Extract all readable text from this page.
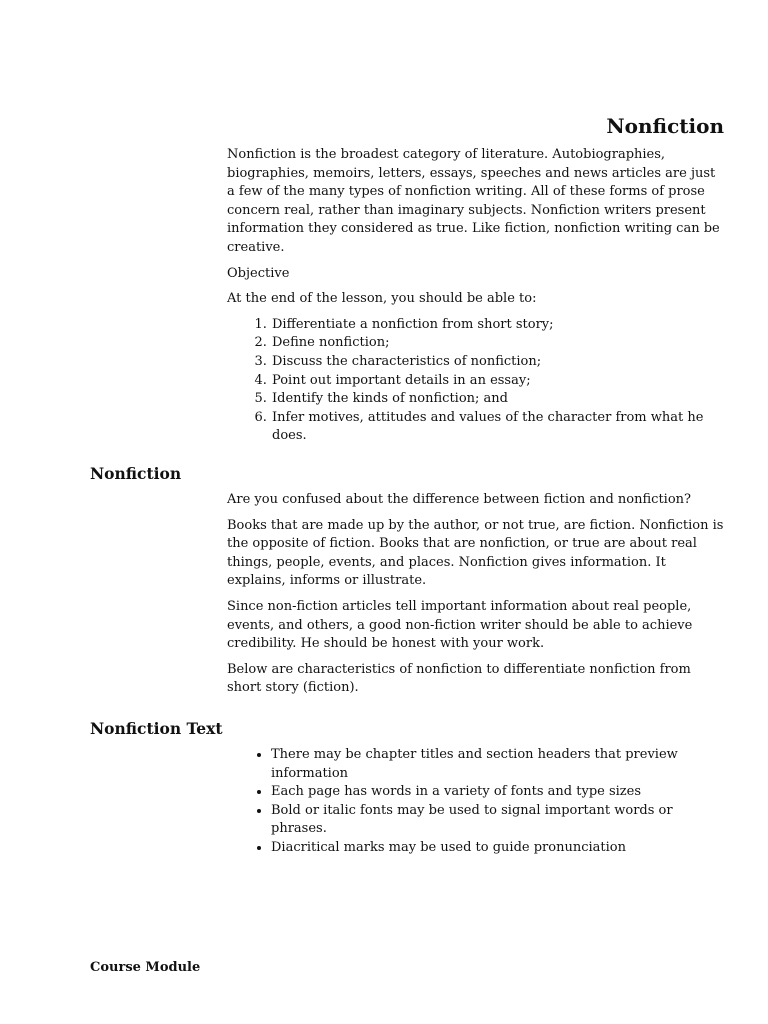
Nonfiction

Nonfiction is the broadest category of literature. Autobiographies, biographies, memoirs, letters, essays, speeches and news articles are just a few of the many types of nonfiction writing. All of these forms of prose concern real, rather than imaginary subjects. Nonfiction writers present information they considered as true. Like fiction, nonfiction writing can be creative.

Objective

At the end of the lesson, you should be able to:

1. Differentiate a nonfiction from short story;
2. Define nonfiction;
3. Discuss the characteristics of nonfiction;
4. Point out important details in an essay;
5. Identify the kinds of nonfiction; and
6. Infer motives, attitudes and values of the character from what he does.
Nonfiction

Are you confused about the difference between fiction and nonfiction?

Books that are made up by the author, or not true, are fiction. Nonfiction is the opposite of fiction. Books that are nonfiction, or true are about real things, people, events, and places. Nonfiction gives information. It explains, informs or illustrate.

Since non-fiction articles tell important information about real people, events, and others, a good non-fiction writer should be able to achieve credibility. He should be honest with your work.

Below are characteristics of nonfiction to differentiate nonfiction from short story (fiction).

Nonfiction Text
• There may be chapter titles and section headers that preview information
• Each page has words in a variety of fonts and type sizes
• Bold or italic fonts may be used to signal important words or phrases.
• Diacritical marks may be used to guide pronunciation
Course Module
